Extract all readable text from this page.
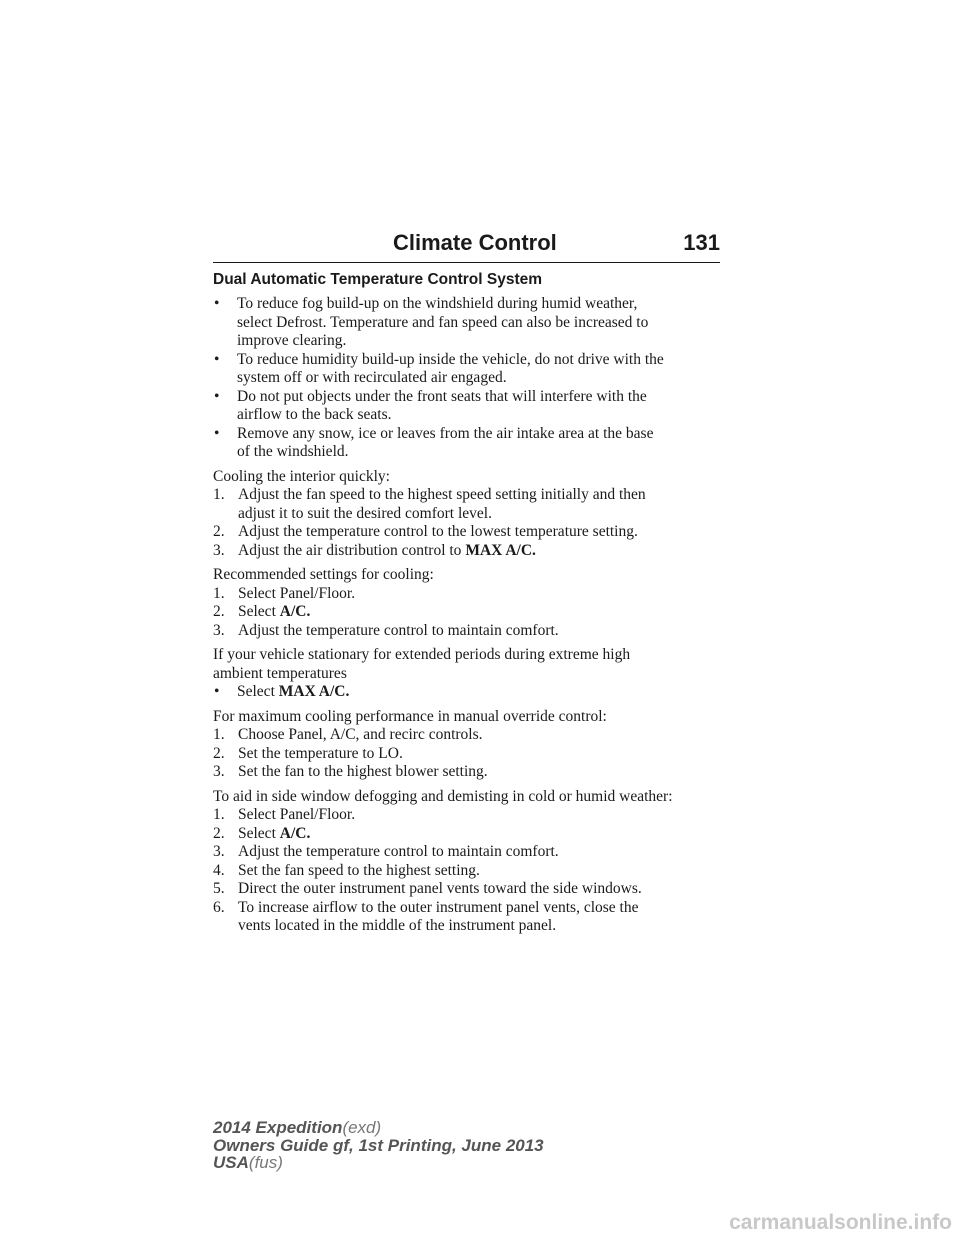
Climate Control	131
Dual Automatic Temperature Control System
• To reduce fog build-up on the windshield during humid weather,
select Defrost. Temperature and fan speed can also be increased to
improve clearing.
• To reduce humidity build-up inside the vehicle, do not drive with the
system off or with recirculated air engaged.
• Do not put objects under the front seats that will interfere with the
airflow to the back seats.
• Remove any snow, ice or leaves from the air intake area at the base
of the windshield.
Cooling the interior quickly:
1. Adjust the fan speed to the highest speed setting initially and then
adjust it to suit the desired comfort level.
2. Adjust the temperature control to the lowest temperature setting.
3. Adjust the air distribution control to MAX A/C.
Recommended settings for cooling:
1. Select Panel/Floor.
2. Select A/C.
3. Adjust the temperature control to maintain comfort.
If your vehicle stationary for extended periods during extreme high
ambient temperatures
• Select MAX A/C.
For maximum cooling performance in manual override control:
1. Choose Panel, A/C, and recirc controls.
2. Set the temperature to LO.
3. Set the fan to the highest blower setting.
To aid in side window defogging and demisting in cold or humid weather:
1. Select Panel/Floor.
2. Select A/C.
3. Adjust the temperature control to maintain comfort.
4. Set the fan speed to the highest setting.
5. Direct the outer instrument panel vents toward the side windows.
6. To increase airflow to the outer instrument panel vents, close the
vents located in the middle of the instrument panel.
2014 Expedition(exd)
Owners Guide gf, 1st Printing, June 2013
USA(fus)
carmanualsonline.info
